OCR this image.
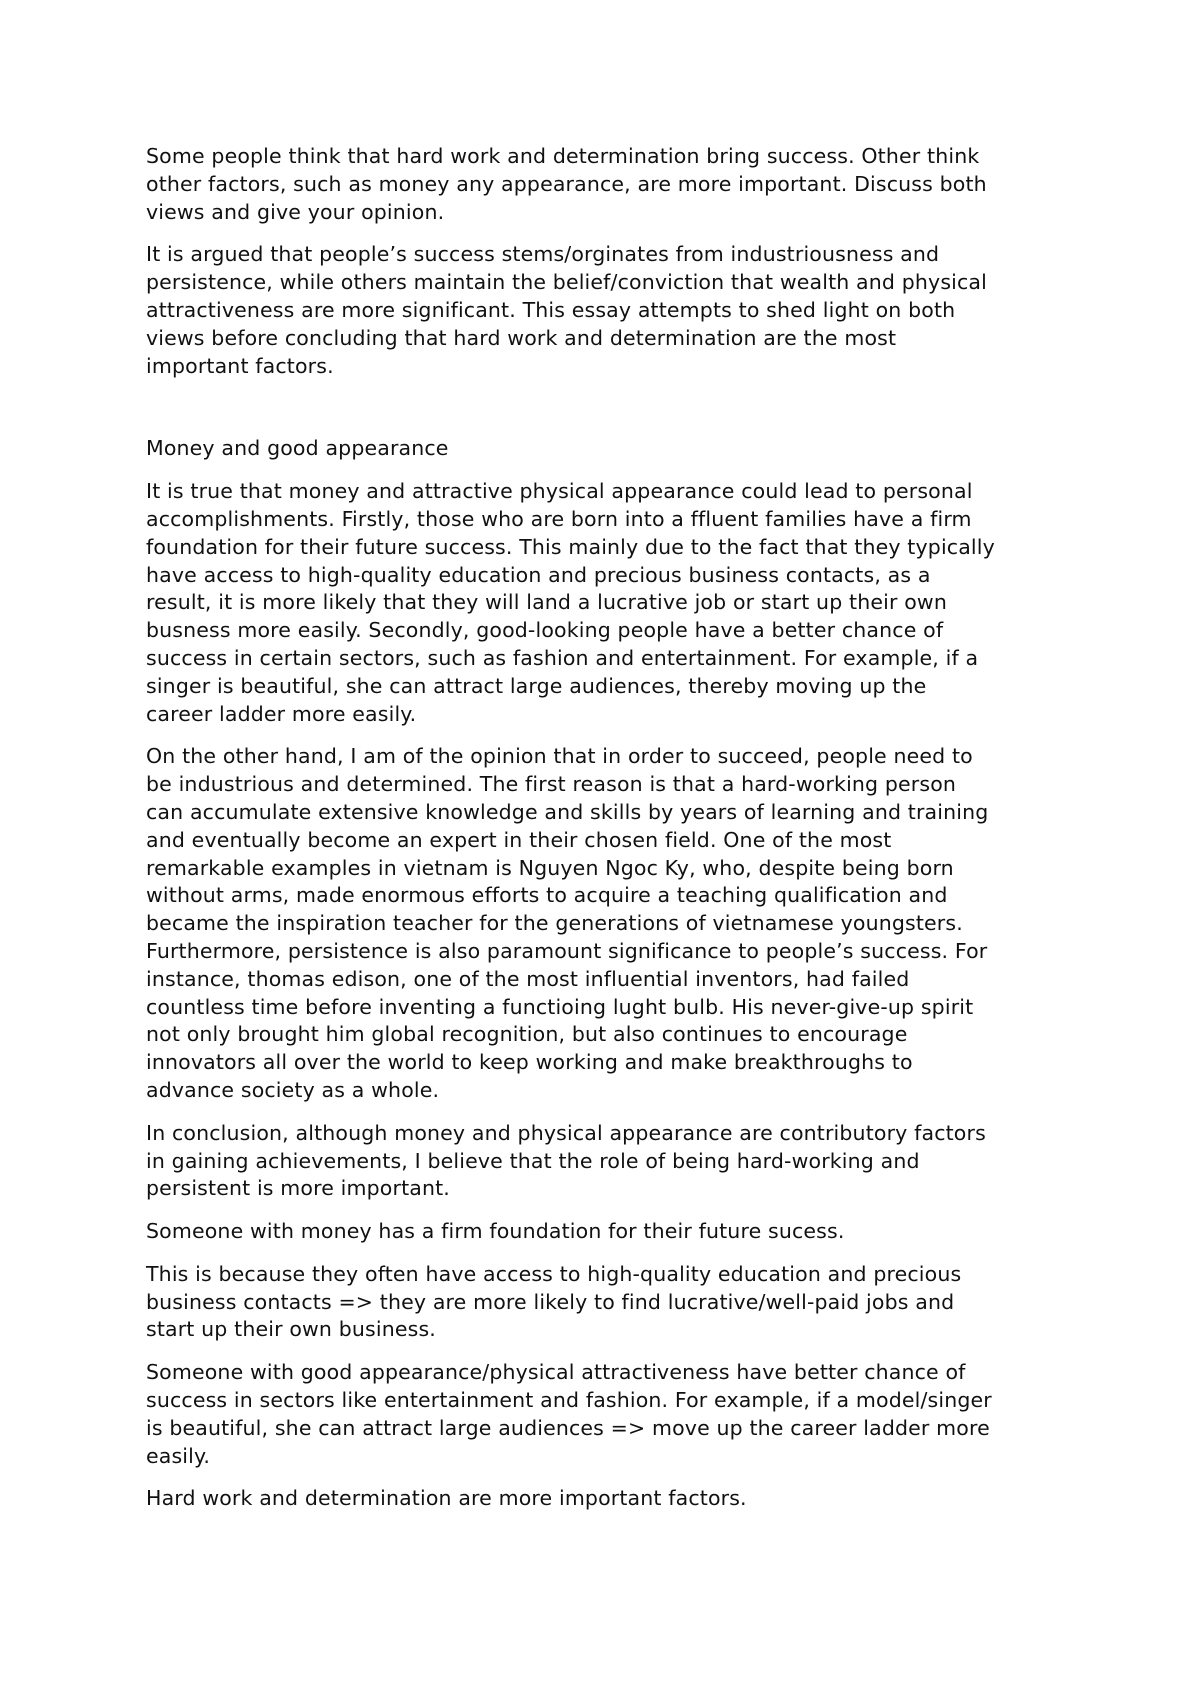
Some people think that hard work and determination bring success. Other think
other factors, such as money any appearance, are more important. Discuss both
views and give your opinion.

It is argued that people’s success stems/orginates from industriousness and
persistence, while others maintain the belief/conviction that wealth and physical
attractiveness are more significant. This essay attempts to shed light on both
views before concluding that hard work and determination are the most
important factors.

Money and good appearance

It is true that money and attractive physical appearance could lead to personal
accomplishments. Firstly, those who are born into a ffluent families have a firm
foundation for their future success. This mainly due to the fact that they typically
have access to high-quality education and precious business contacts, as a
result, it is more likely that they will land a lucrative job or start up their own
busness more easily. Secondly, good-looking people have a better chance of
success in certain sectors, such as fashion and entertainment. For example, if a
singer is beautiful, she can attract large audiences, thereby moving up the
career ladder more easily.

On the other hand, I am of the opinion that in order to succeed, people need to
be industrious and determined. The first reason is that a hard-working person
can accumulate extensive knowledge and skills by years of learning and training
and eventually become an expert in their chosen field. One of the most
remarkable examples in vietnam is Nguyen Ngoc Ky, who, despite being born
without arms, made enormous efforts to acquire a teaching qualification and
became the inspiration teacher for the generations of vietnamese youngsters.
Furthermore, persistence is also paramount significance to people’s success. For
instance, thomas edison, one of the most influential inventors, had failed
countless time before inventing a functioing lught bulb. His never-give-up spirit
not only brought him global recognition, but also continues to encourage
innovators all over the world to keep working and make breakthroughs to
advance society as a whole.

In conclusion, although money and physical appearance are contributory factors
in gaining achievements, I believe that the role of being hard-working and
persistent is more important.

Someone with money has a firm foundation for their future sucess.

This is because they often have access to high-quality education and precious
business contacts => they are more likely to find lucrative/well-paid jobs and
start up their own business.

Someone with good appearance/physical attractiveness have better chance of
success in sectors like entertainment and fashion. For example, if a model/singer
is beautiful, she can attract large audiences => move up the career ladder more
easily.

Hard work and determination are more important factors.
